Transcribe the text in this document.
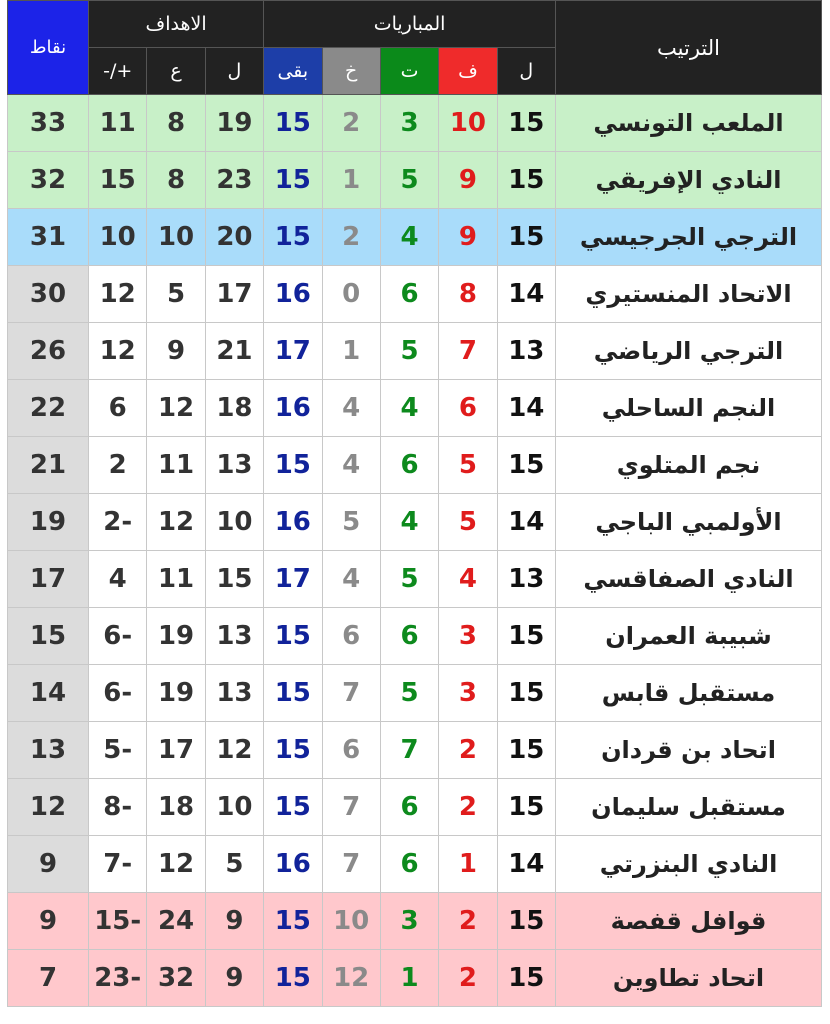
الترتيب	المباريات					الاهداف			نقاط
	ل	ف	ت	خ	بقى	ل	ع	+/-	
الملعب التونسي	15	10	3	2	15	19	8	11	33
النادي الإفريقي	15	9	5	1	15	23	8	15	32
الترجي الجرجيسي	15	9	4	2	15	20	10	10	31
الاتحاد المنستيري	14	8	6	0	16	17	5	12	30
الترجي الرياضي	13	7	5	1	17	21	9	12	26
النجم الساحلي	14	6	4	4	16	18	12	6	22
نجم المتلوي	15	5	6	4	15	13	11	2	21
الأولمبي الباجي	14	5	4	5	16	10	12	-2	19
النادي الصفاقسي	13	4	5	4	17	15	11	4	17
شبيبة العمران	15	3	6	6	15	13	19	-6	15
مستقبل قابس	15	3	5	7	15	13	19	-6	14
اتحاد بن قردان	15	2	7	6	15	12	17	-5	13
مستقبل سليمان	15	2	6	7	15	10	18	-8	12
النادي البنزرتي	14	1	6	7	16	5	12	-7	9
قوافل قفصة	15	2	3	10	15	9	24	-15	9
اتحاد تطاوين	15	2	1	12	15	9	32	-23	7
